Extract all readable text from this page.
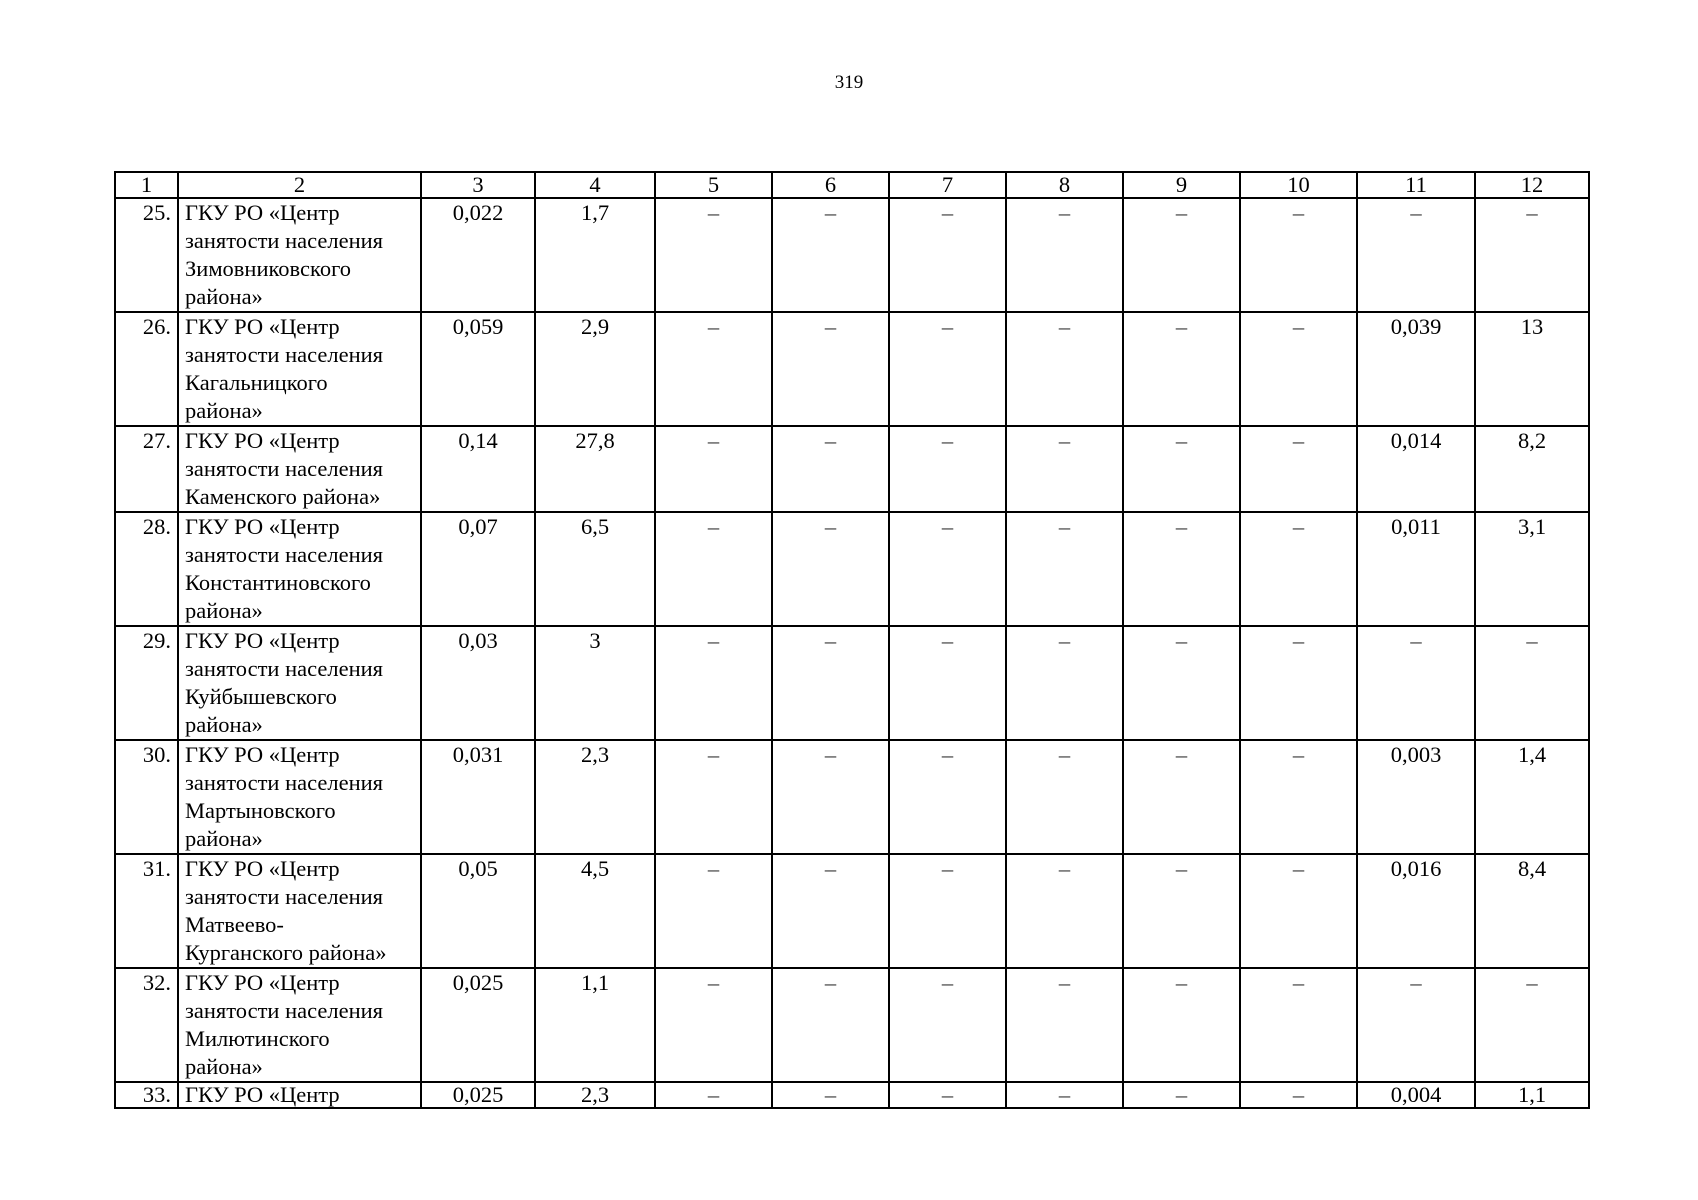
319
1	2	3	4	5	6	7	8	9	10	11	12
25.	ГКУ РО «Центр
занятости населения
Зимовниковского
района»	0,022	1,7	–	–	–	–	–	–	–	–
26.	ГКУ РО «Центр
занятости населения
Кагальницкого
района»	0,059	2,9	–	–	–	–	–	–	0,039	13
27.	ГКУ РО «Центр
занятости населения
Каменского района»	0,14	27,8	–	–	–	–	–	–	0,014	8,2
28.	ГКУ РО «Центр
занятости населения
Константиновского
района»	0,07	6,5	–	–	–	–	–	–	0,011	3,1
29.	ГКУ РО «Центр
занятости населения
Куйбышевского
района»	0,03	3	–	–	–	–	–	–	–	–
30.	ГКУ РО «Центр
занятости населения
Мартыновского
района»	0,031	2,3	–	–	–	–	–	–	0,003	1,4
31.	ГКУ РО «Центр
занятости населения
Матвеево-
Курганского района»	0,05	4,5	–	–	–	–	–	–	0,016	8,4
32.	ГКУ РО «Центр
занятости населения
Милютинского
района»	0,025	1,1	–	–	–	–	–	–	–	–
33.	ГКУ РО «Центр	0,025	2,3	–	–	–	–	–	–	0,004	1,1
